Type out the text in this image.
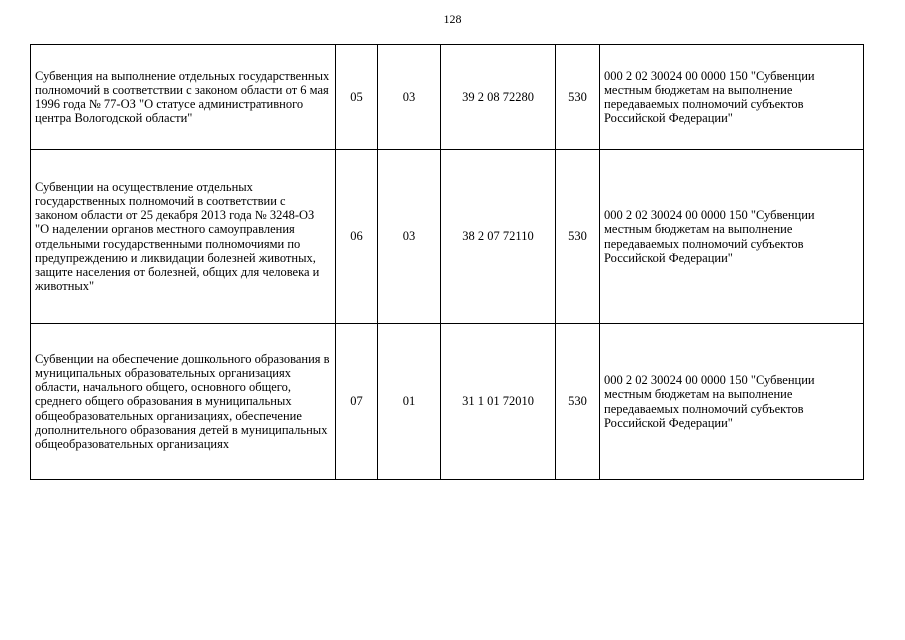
128
Субвенция на выполнение отдельных государственных полномочий в соответствии с законом области от 6 мая 1996 года № 77-ОЗ "О статусе административного центра Вологодской области"	05	03	39 2 08 72280	530	000 2 02 30024 00 0000 150 "Субвенции местным бюджетам на выполнение передаваемых полномочий субъектов Российской Федерации"

Субвенции на осуществление отдельных государственных полномочий в соответствии с законом области от 25 декабря 2013 года № 3248-ОЗ "О наделении органов местного самоуправления отдельными государственными полномочиями по предупреждению и ликвидации болезней животных, защите населения от болезней, общих для человека и животных"	06	03	38 2 07 72110	530	000 2 02 30024 00 0000 150 "Субвенции местным бюджетам на выполнение передаваемых полномочий субъектов Российской Федерации"

Субвенции на обеспечение дошкольного образования в муниципальных образовательных организациях области, начального общего, основного общего, среднего общего образования в муниципальных общеобразовательных организациях, обеспечение дополнительного образования детей в муниципальных общеобразовательных организациях	07	01	31 1 01 72010	530	000 2 02 30024 00 0000 150 "Субвенции местным бюджетам на выполнение передаваемых полномочий субъектов Российской Федерации"
